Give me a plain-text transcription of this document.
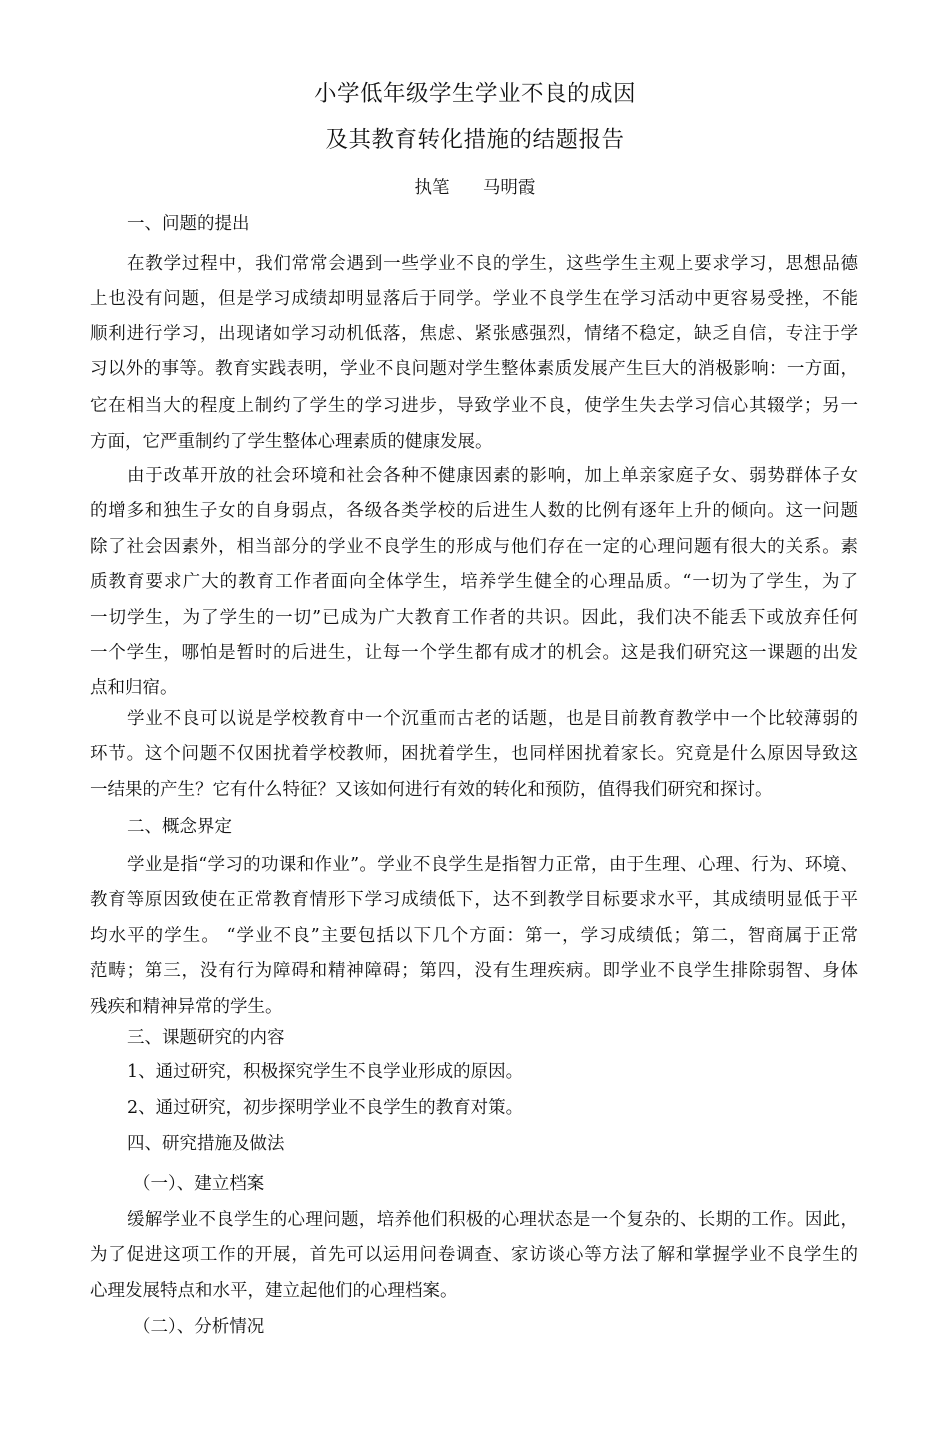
小学低年级学生学业不良的成因
及其教育转化措施的结题报告
执笔      马明霞
一、问题的提出
在教学过程中，我们常常会遇到一些学业不良的学生，这些学生主观上要求学习，思想品德
上也没有问题，但是学习成绩却明显落后于同学。学业不良学生在学习活动中更容易受挫，不能
顺利进行学习，出现诸如学习动机低落，焦虑、紧张感强烈，情绪不稳定，缺乏自信，专注于学
习以外的事等。教育实践表明，学业不良问题对学生整体素质发展产生巨大的消极影响：一方面，
它在相当大的程度上制约了学生的学习进步，导致学业不良，使学生失去学习信心其辍学；另一
方面，它严重制约了学生整体心理素质的健康发展。
由于改革开放的社会环境和社会各种不健康因素的影响，加上单亲家庭子女、弱势群体子女
的增多和独生子女的自身弱点，各级各类学校的后进生人数的比例有逐年上升的倾向。这一问题
除了社会因素外，相当部分的学业不良学生的形成与他们存在一定的心理问题有很大的关系。素
质教育要求广大的教育工作者面向全体学生，培养学生健全的心理品质。“一切为了学生，为了
一切学生，为了学生的一切”已成为广大教育工作者的共识。因此，我们决不能丢下或放弃任何
一个学生，哪怕是暂时的后进生，让每一个学生都有成才的机会。这是我们研究这一课题的出发
点和归宿。
学业不良可以说是学校教育中一个沉重而古老的话题，也是目前教育教学中一个比较薄弱的
环节。这个问题不仅困扰着学校教师，困扰着学生，也同样困扰着家长。究竟是什么原因导致这
一结果的产生？它有什么特征？又该如何进行有效的转化和预防，值得我们研究和探讨。
二、概念界定
学业是指“学习的功课和作业”。学业不良学生是指智力正常，由于生理、心理、行为、环境、
教育等原因致使在正常教育情形下学习成绩低下，达不到教学目标要求水平，其成绩明显低于平
均水平的学生。 “学业不良”主要包括以下几个方面：第一，学习成绩低；第二，智商属于正常
范畴；第三，没有行为障碍和精神障碍；第四，没有生理疾病。即学业不良学生排除弱智、身体
残疾和精神异常的学生。
三、课题研究的内容
1、通过研究，积极探究学生不良学业形成的原因。
2、通过研究，初步探明学业不良学生的教育对策。
四、研究措施及做法
（一）、建立档案
缓解学业不良学生的心理问题，培养他们积极的心理状态是一个复杂的、长期的工作。因此，
为了促进这项工作的开展，首先可以运用问卷调查、家访谈心等方法了解和掌握学业不良学生的
心理发展特点和水平，建立起他们的心理档案。
（二）、分析情况
